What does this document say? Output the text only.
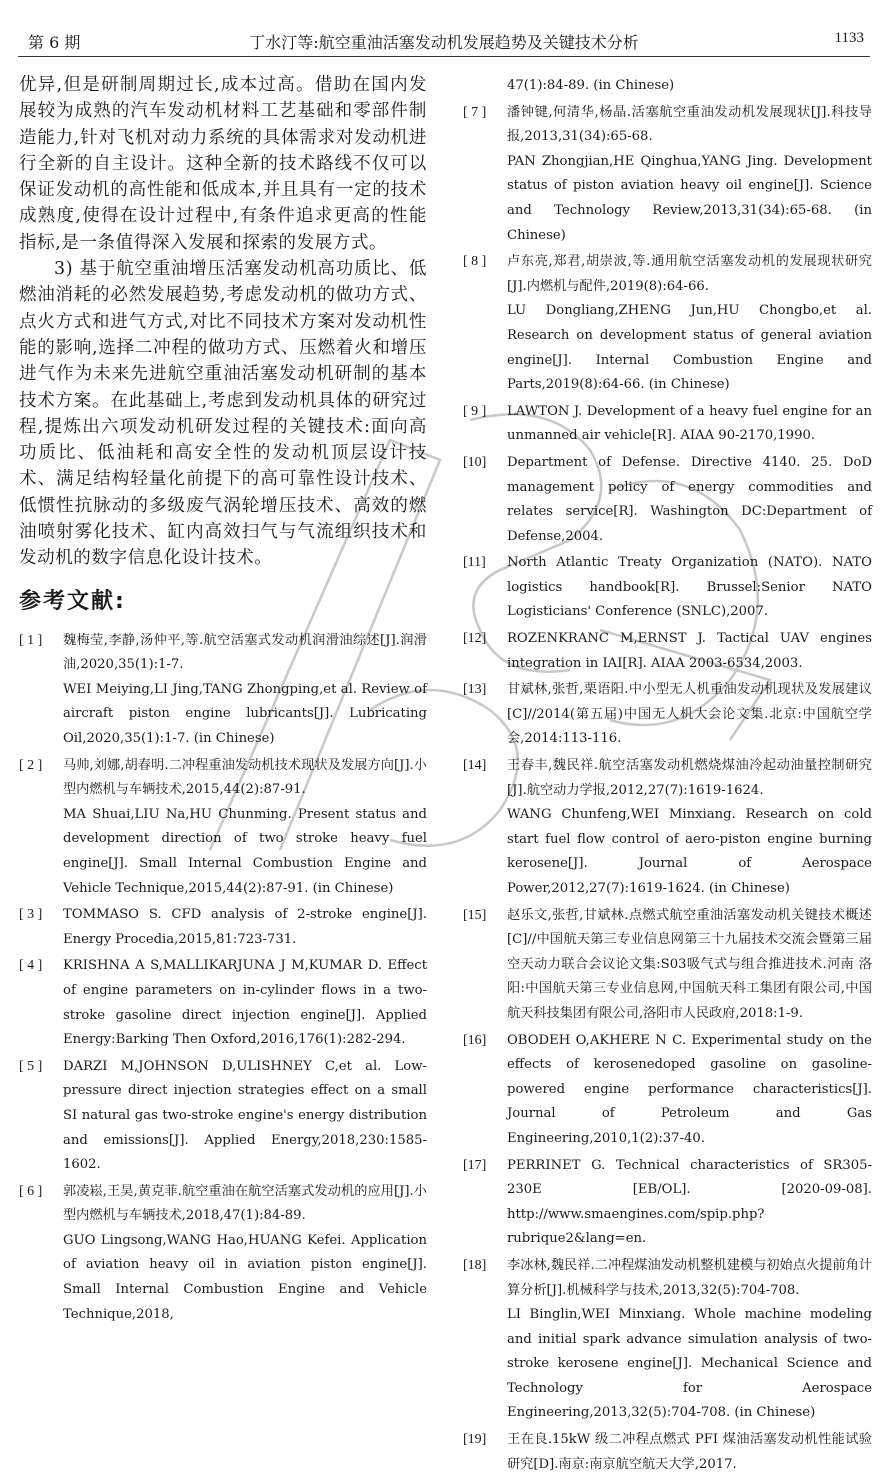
第 6 期	丁水汀等:航空重油活塞发动机发展趋势及关键技术分析	1133

优异,但是研制周期过长,成本过高。借助在国内发展较为成熟的汽车发动机材料工艺基础和零部件制造能力,针对飞机对动力系统的具体需求对发动机进行全新的自主设计。这种全新的技术路线不仅可以保证发动机的高性能和低成本,并且具有一定的技术成熟度,使得在设计过程中,有条件追求更高的性能指标,是一条值得深入发展和探索的发展方式。

3) 基于航空重油增压活塞发动机高功质比、低燃油消耗的必然发展趋势,考虑发动机的做功方式、点火方式和进气方式,对比不同技术方案对发动机性能的影响,选择二冲程的做功方式、压燃着火和增压进气作为未来先进航空重油活塞发动机研制的基本技术方案。在此基础上,考虑到发动机具体的研究过程,提炼出六项发动机研发过程的关键技术:面向高功质比、低油耗和高安全性的发动机顶层设计技术、满足结构轻量化前提下的高可靠性设计技术、低惯性抗脉动的多级废气涡轮增压技术、高效的燃油喷射雾化技术、缸内高效扫气与气流组织技术和发动机的数字信息化设计技术。

参考文献:
[ 1 ]	魏梅莹,李静,汤仲平,等.航空活塞式发动机润滑油综述[J].润滑油,2020,35(1):1-7.
WEI Meiying,LI Jing,TANG Zhongping,et al. Review of aircraft piston engine lubricants[J]. Lubricating Oil,2020,35(1):1-7. (in Chinese)
[ 2 ]	马帅,刘娜,胡春明.二冲程重油发动机技术现状及发展方向[J].小型内燃机与车辆技术,2015,44(2):87-91.
MA Shuai,LIU Na,HU Chunming. Present status and development direction of two stroke heavy fuel engine[J]. Small Internal Combustion Engine and Vehicle Technique,2015,44(2):87-91. (in Chinese)
[ 3 ]	TOMMASO S. CFD analysis of 2-stroke engine[J]. Energy Procedia,2015,81:723-731.
[ 4 ]	KRISHNA A S,MALLIKARJUNA J M,KUMAR D. Effect of engine parameters on in-cylinder flows in a two-stroke gasoline direct injection engine[J]. Applied Energy:Barking Then Oxford,2016,176(1):282-294.
[ 5 ]	DARZI M,JOHNSON D,ULISHNEY C,et al. Low-pressure direct injection strategies effect on a small SI natural gas two-stroke engine's energy distribution and emissions[J]. Applied Energy,2018,230:1585-1602.
[ 6 ]	郭凌崧,王昊,黄克菲.航空重油在航空活塞式发动机的应用[J].小型内燃机与车辆技术,2018,47(1):84-89.
GUO Lingsong,WANG Hao,HUANG Kefei. Application of aviation heavy oil in aviation piston engine[J]. Small Internal Combustion Engine and Vehicle Technique,2018,
47(1):84-89. (in Chinese)
[ 7 ]	潘钟键,何清华,杨晶.活塞航空重油发动机发展现状[J].科技导报,2013,31(34):65-68.
PAN Zhongjian,HE Qinghua,YANG Jing. Development status of piston aviation heavy oil engine[J]. Science and Technology Review,2013,31(34):65-68. (in Chinese)
[ 8 ]	卢东亮,郑君,胡崇波,等.通用航空活塞发动机的发展现状研究[J].内燃机与配件,2019(8):64-66.
LU Dongliang,ZHENG Jun,HU Chongbo,et al. Research on development status of general aviation engine[J]. Internal Combustion Engine and Parts,2019(8):64-66. (in Chinese)
[ 9 ]	LAWTON J. Development of a heavy fuel engine for an unmanned air vehicle[R]. AIAA 90-2170,1990.
[10]	Department of Defense. Directive 4140. 25. DoD management policy of energy commodities and relates service[R]. Washington DC:Department of Defense,2004.
[11]	North Atlantic Treaty Organization (NATO). NATO logistics handbook[R]. Brussel:Senior NATO Logisticians' Conference (SNLC),2007.
[12]	ROZENKRANC M,ERNST J. Tactical UAV engines integration in IAI[R]. AIAA 2003-6534,2003.
[13]	甘斌林,张哲,栗语阳.中小型无人机重油发动机现状及发展建议[C]//2014(第五届)中国无人机大会论文集.北京:中国航空学会,2014:113-116.
[14]	王春丰,魏民祥.航空活塞发动机燃烧煤油冷起动油量控制研究[J].航空动力学报,2012,27(7):1619-1624.
WANG Chunfeng,WEI Minxiang. Research on cold start fuel flow control of aero-piston engine burning kerosene[J]. Journal of Aerospace Power,2012,27(7):1619-1624. (in Chinese)
[15]	赵乐文,张哲,甘斌林.点燃式航空重油活塞发动机关键技术概述[C]//中国航天第三专业信息网第三十九届技术交流会暨第三届空天动力联合会议论文集:S03吸气式与组合推进技术.河南 洛阳:中国航天第三专业信息网,中国航天科工集团有限公司,中国航天科技集团有限公司,洛阳市人民政府,2018:1-9.
[16]	OBODEH O,AKHERE N C. Experimental study on the effects of kerosenedoped gasoline on gasoline-powered engine performance characteristics[J]. Journal of Petroleum and Gas Engineering,2010,1(2):37-40.
[17]	PERRINET G. Technical characteristics of SR305-230E [EB/OL]. [2020-09-08]. http://www.smaengines.com/spip.php? rubrique2&lang=en.
[18]	李冰林,魏民祥.二冲程煤油发动机整机建模与初始点火提前角计算分析[J].机械科学与技术,2013,32(5):704-708.
LI Binglin,WEI Minxiang. Whole machine modeling and initial spark advance simulation analysis of two-stroke kerosene engine[J]. Mechanical Science and Technology for Aerospace Engineering,2013,32(5):704-708. (in Chinese)
[19]	王在良.15kW 级二冲程点燃式 PFI 煤油活塞发动机性能试验研究[D].南京:南京航空航天大学,2017.
